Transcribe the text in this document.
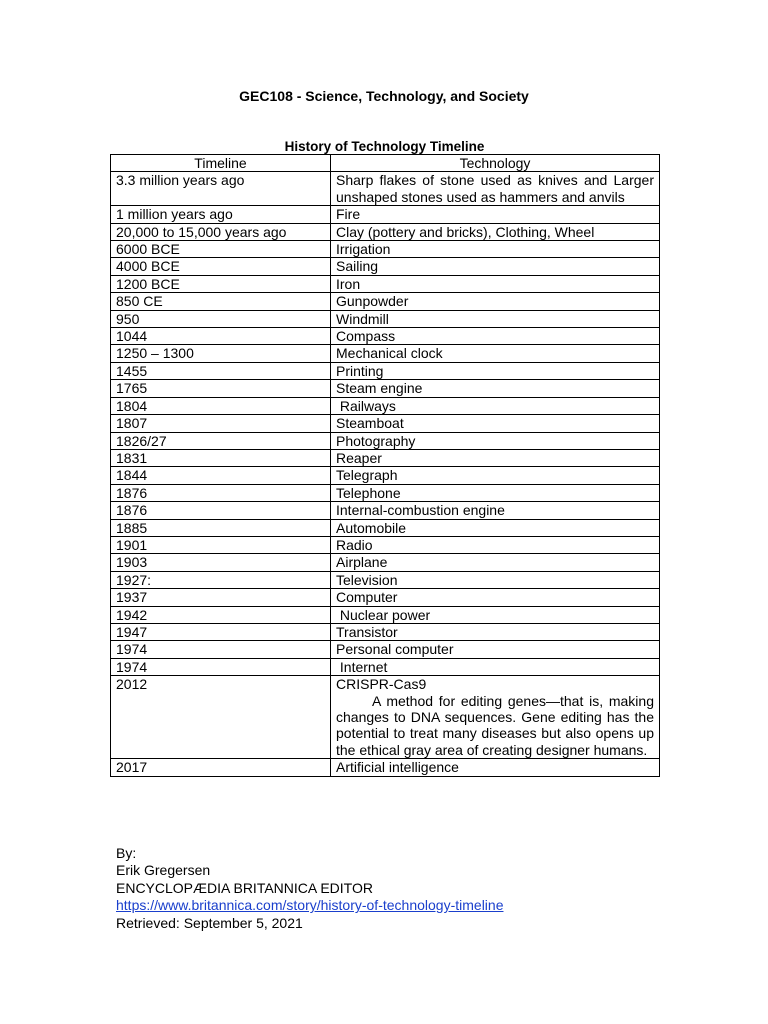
GEC108 - Science, Technology, and Society
History of Technology Timeline
Timeline	Technology
3.3 million years ago	Sharp flakes of stone used as knives and Larger unshaped stones used as hammers and anvils
1 million years ago	Fire
20,000 to 15,000 years ago	Clay (pottery and bricks), Clothing, Wheel
6000 BCE	Irrigation
4000 BCE	Sailing
1200 BCE	Iron
850 CE	Gunpowder
950	Windmill
1044	Compass
1250 – 1300	Mechanical clock
1455	Printing
1765	Steam engine
1804	Railways
1807	Steamboat
1826/27	Photography
1831	Reaper
1844	Telegraph
1876	Telephone
1876	Internal-combustion engine
1885	Automobile
1901	Radio
1903	Airplane
1927:	Television
1937	Computer
1942	Nuclear power
1947	Transistor
1974	Personal computer
1974	Internet
2012	CRISPR-Cas9
A method for editing genes—that is, making changes to DNA sequences. Gene editing has the potential to treat many diseases but also opens up the ethical gray area of creating designer humans.

2017	Artificial intelligence
By:
Erik Gregersen
ENCYCLOPÆDIA BRITANNICA EDITOR
https://www.britannica.com/story/history-of-technology-timeline
Retrieved: September 5, 2021
